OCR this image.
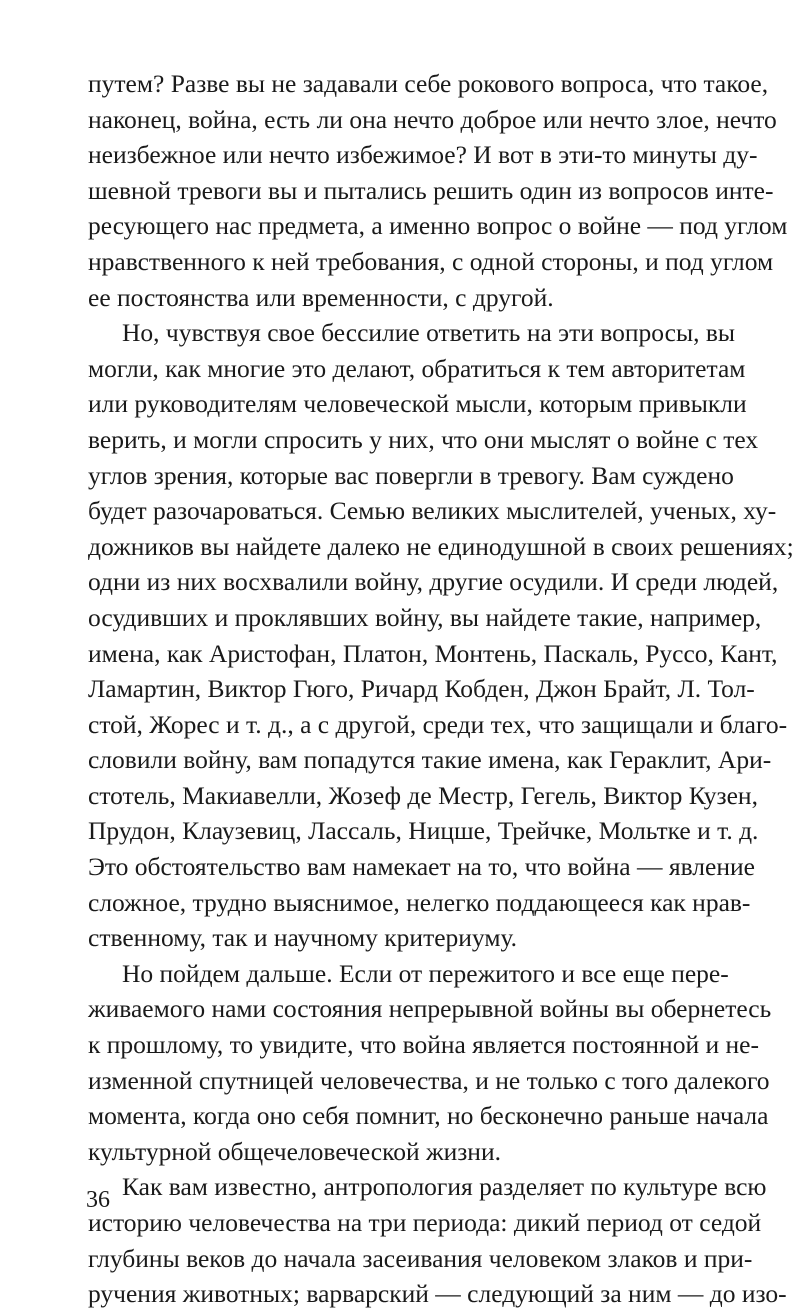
путем? Разве вы не задавали себе рокового вопроса, что такое,
наконец, война, есть ли она нечто доброе или нечто злое, нечто
неизбежное или нечто избежимое? И вот в эти-то минуты ду-
шевной тревоги вы и пытались решить один из вопросов инте-
ресующего нас предмета, а именно вопрос о войне — под углом
нравственного к ней требования, с одной стороны, и под углом
ее постоянства или временности, с другой.
Но, чувствуя свое бессилие ответить на эти вопросы, вы
могли, как многие это делают, обратиться к тем авторитетам
или руководителям человеческой мысли, которым привыкли
верить, и могли спросить у них, что они мыслят о войне с тех
углов зрения, которые вас повергли в тревогу. Вам суждено
будет разочароваться. Семью великих мыслителей, ученых, ху-
дожников вы найдете далеко не единодушной в своих решениях;
одни из них восхвалили войну, другие осудили. И среди людей,
осудивших и проклявших войну, вы найдете такие, например,
имена, как Аристофан, Платон, Монтень, Паскаль, Руссо, Кант,
Ламартин, Виктор Гюго, Ричард Кобден, Джон Брайт, Л. Тол-
стой, Жорес и т. д., а с другой, среди тех, что защищали и благо-
словили войну, вам попадутся такие имена, как Гераклит, Ари-
стотель, Макиавелли, Жозеф де Местр, Гегель, Виктор Кузен,
Прудон, Клаузевиц, Лассаль, Ницше, Трейчке, Мольтке и т. д.
Это обстоятельство вам намекает на то, что война — явление
сложное, трудно выяснимое, нелегко поддающееся как нрав-
ственному, так и научному критериуму.
Но пойдем дальше. Если от пережитого и все еще пере-
живаемого нами состояния непрерывной войны вы обернетесь
к прошлому, то увидите, что война является постоянной и не-
изменной спутницей человечества, и не только с того далекого
момента, когда оно себя помнит, но бесконечно раньше начала
культурной общечеловеческой жизни.
Как вам известно, антропология разделяет по культуре всю
историю человечества на три периода: дикий период от седой
глубины веков до начала засеивания человеком злаков и при-
ручения животных; варварский — следующий за ним — до изо-
36
